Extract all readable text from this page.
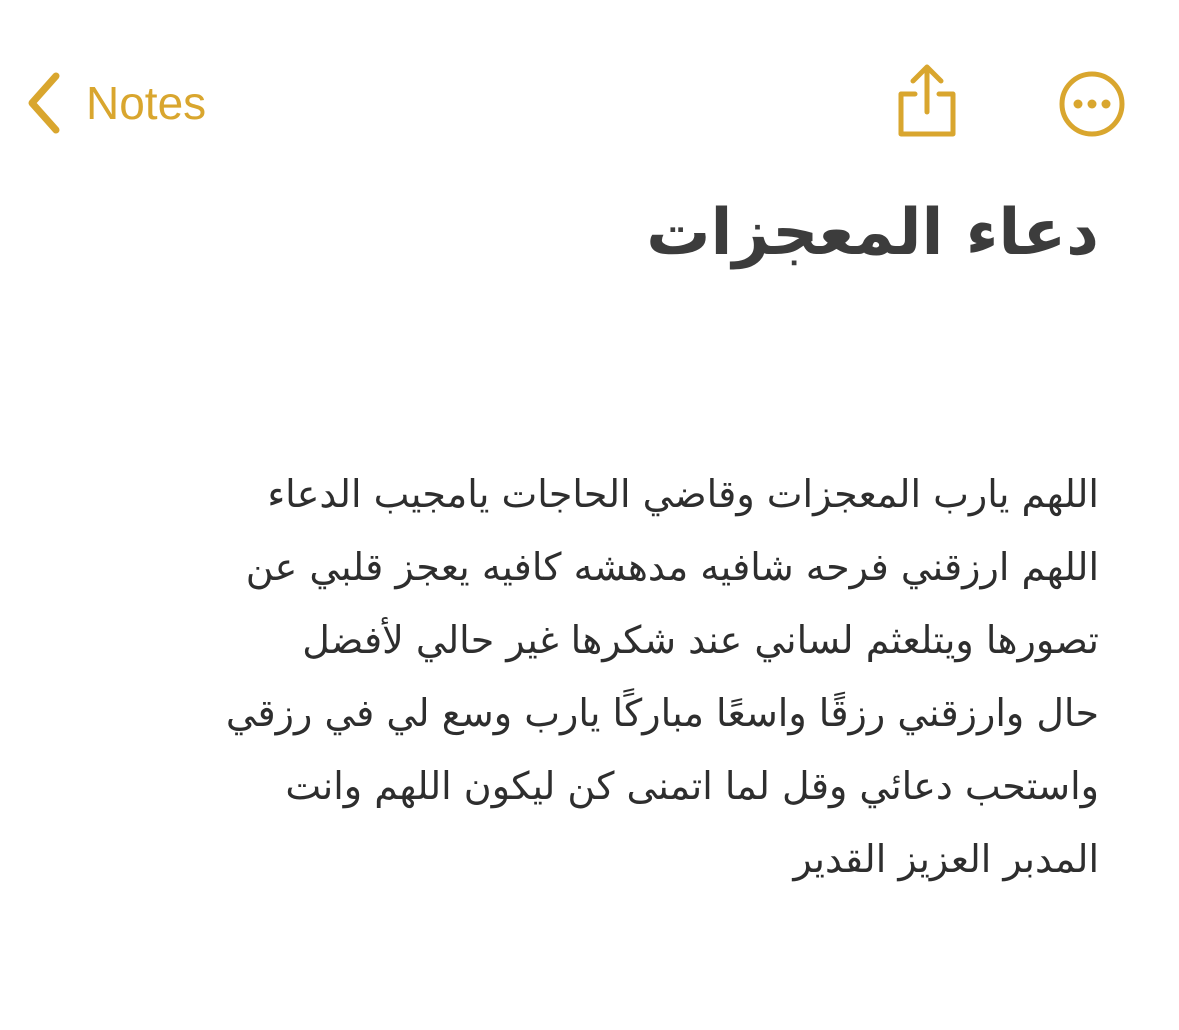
Notes
دعاء المعجزات
اللهم يارب المعجزات وقاضي الحاجات يامجيب الدعاء
اللهم ارزقني فرحه شافيه مدهشه كافيه يعجز قلبي عن
تصورها ويتلعثم لساني عند شكرها غير حالي لأفضل
حال وارزقني رزقًا واسعًا مباركًا يارب وسع لي في رزقي
واستحب دعائي وقل لما اتمنى كن ليكون اللهم وانت
المدبر العزيز القدير
